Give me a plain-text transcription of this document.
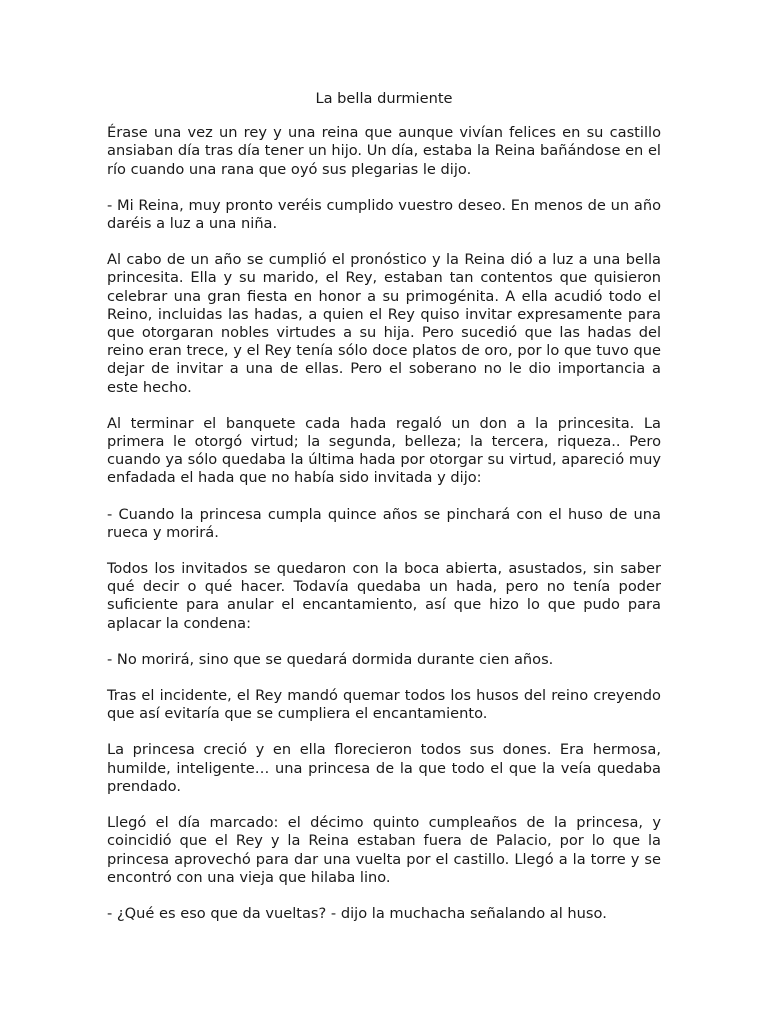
La bella durmiente

Érase una vez un rey y una reina que aunque vivían felices en su castillo ansiaban día tras día tener un hijo. Un día, estaba la Reina bañándose en el río cuando una rana que oyó sus plegarias le dijo.

- Mi Reina, muy pronto veréis cumplido vuestro deseo. En menos de un año daréis a luz a una niña.

Al cabo de un año se cumplió el pronóstico y la Reina dió a luz a una bella princesita. Ella y su marido, el Rey, estaban tan contentos que quisieron celebrar una gran fiesta en honor a su primogénita. A ella acudió todo el Reino, incluidas las hadas, a quien el Rey quiso invitar expresamente para que otorgaran nobles virtudes a su hija. Pero sucedió que las hadas del reino eran trece, y el Rey tenía sólo doce platos de oro, por lo que tuvo que dejar de invitar a una de ellas. Pero el soberano no le dio importancia a este hecho.

Al terminar el banquete cada hada regaló un don a la princesita. La primera le otorgó virtud; la segunda, belleza; la tercera, riqueza.. Pero cuando ya sólo quedaba la última hada por otorgar su virtud, apareció muy enfadada el hada que no había sido invitada y dijo:

- Cuando la princesa cumpla quince años se pinchará con el huso de una rueca y morirá.

Todos los invitados se quedaron con la boca abierta, asustados, sin saber qué decir o qué hacer. Todavía quedaba un hada, pero no tenía poder suficiente para anular el encantamiento, así que hizo lo que pudo para aplacar la condena:

- No morirá, sino que se quedará dormida durante cien años.

Tras el incidente, el Rey mandó quemar todos los husos del reino creyendo que así evitaría que se cumpliera el encantamiento.

La princesa creció y en ella florecieron todos sus dones. Era hermosa, humilde, inteligente… una princesa de la que todo el que la veía quedaba prendado.

Llegó el día marcado: el décimo quinto cumpleaños de la princesa, y coincidió que el Rey y la Reina estaban fuera de Palacio, por lo que la princesa aprovechó para dar una vuelta por el castillo. Llegó a la torre y se encontró con una vieja que hilaba lino.

- ¿Qué es eso que da vueltas? - dijo la muchacha señalando al huso.
